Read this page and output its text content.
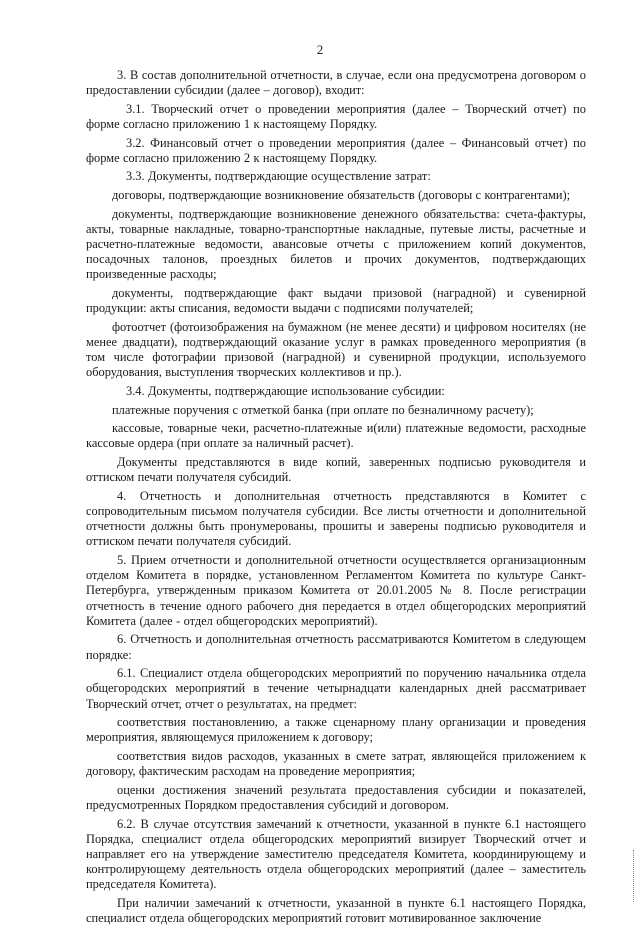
2

3. В состав дополнительной отчетности, в случае, если она предусмотрена договором о предоставлении субсидии (далее – договор), входит:

3.1. Творческий отчет о проведении мероприятия (далее – Творческий отчет) по форме согласно приложению 1 к настоящему Порядку.

3.2. Финансовый отчет о проведении мероприятия (далее – Финансовый отчет) по форме согласно приложению 2 к настоящему Порядку.

3.3. Документы, подтверждающие осуществление затрат:

договоры, подтверждающие возникновение обязательств (договоры с контрагентами);

документы, подтверждающие возникновение денежного обязательства: счета-фактуры, акты, товарные накладные, товарно-транспортные накладные, путевые листы, расчетные и расчетно-платежные ведомости, авансовые отчеты с приложением копий документов, посадочных талонов, проездных билетов и прочих документов, подтверждающих произведенные расходы;

документы, подтверждающие факт выдачи призовой (наградной) и сувенирной продукции: акты списания, ведомости выдачи с подписями получателей;

фотоотчет (фотоизображения на бумажном (не менее десяти) и цифровом носителях (не менее двадцати), подтверждающий оказание услуг в рамках проведенного мероприятия (в том числе фотографии призовой (наградной) и сувенирной продукции, используемого оборудования, выступления творческих коллективов и пр.).

3.4. Документы, подтверждающие использование субсидии:

платежные поручения с отметкой банка (при оплате по безналичному расчету);

кассовые, товарные чеки, расчетно-платежные и(или) платежные ведомости, расходные кассовые ордера (при оплате за наличный расчет).

Документы представляются в виде копий, заверенных подписью руководителя и оттиском печати получателя субсидий.

4. Отчетность и дополнительная отчетность представляются в Комитет с сопроводительным письмом получателя субсидии. Все листы отчетности и дополнительной отчетности должны быть пронумерованы, прошиты и заверены подписью руководителя и оттиском печати получателя субсидий.

5. Прием отчетности и дополнительной отчетности осуществляется организационным отделом Комитета в порядке, установленном Регламентом Комитета по культуре Санкт-Петербурга, утвержденным приказом Комитета от 20.01.2005 № 8. После регистрации отчетность в течение одного рабочего дня передается в отдел общегородских мероприятий Комитета (далее - отдел общегородских мероприятий).

6. Отчетность и дополнительная отчетность рассматриваются Комитетом в следующем порядке:

6.1. Специалист отдела общегородских мероприятий по поручению начальника отдела общегородских мероприятий в течение четырнадцати календарных дней рассматривает Творческий отчет, отчет о результатах, на предмет:

соответствия постановлению, а также сценарному плану организации и проведения мероприятия, являющемуся приложением к договору;

соответствия видов расходов, указанных в смете затрат, являющейся приложением к договору, фактическим расходам на проведение мероприятия;

оценки достижения значений результата предоставления субсидии и показателей, предусмотренных Порядком предоставления субсидий и договором.

6.2. В случае отсутствия замечаний к отчетности, указанной в пункте 6.1 настоящего Порядка, специалист отдела общегородских мероприятий визирует Творческий отчет и направляет его на утверждение заместителю председателя Комитета, координирующему и контролирующему деятельность отдела общегородских мероприятий (далее – заместитель председателя Комитета).

При наличии замечаний к отчетности, указанной в пункте 6.1 настоящего Порядка, специалист отдела общегородских мероприятий готовит мотивированное заключение
